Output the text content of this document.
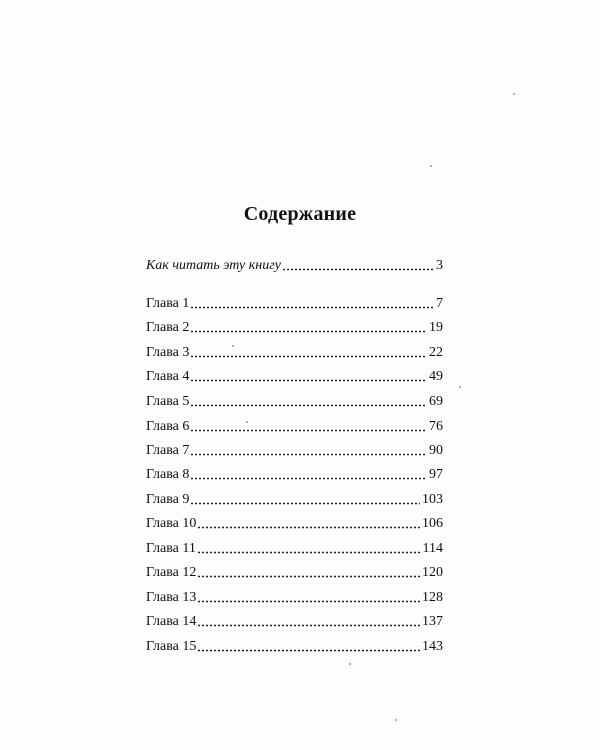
Содержание
Как читать эту книгу	3
Глава 1	7
Глава 2	19
Глава 3	22
Глава 4	49
Глава 5	69
Глава 6	76
Глава 7	90
Глава 8	97
Глава 9	103
Глава 10	106
Глава 11	114
Глава 12	120
Глава 13	128
Глава 14	137
Глава 15	143
